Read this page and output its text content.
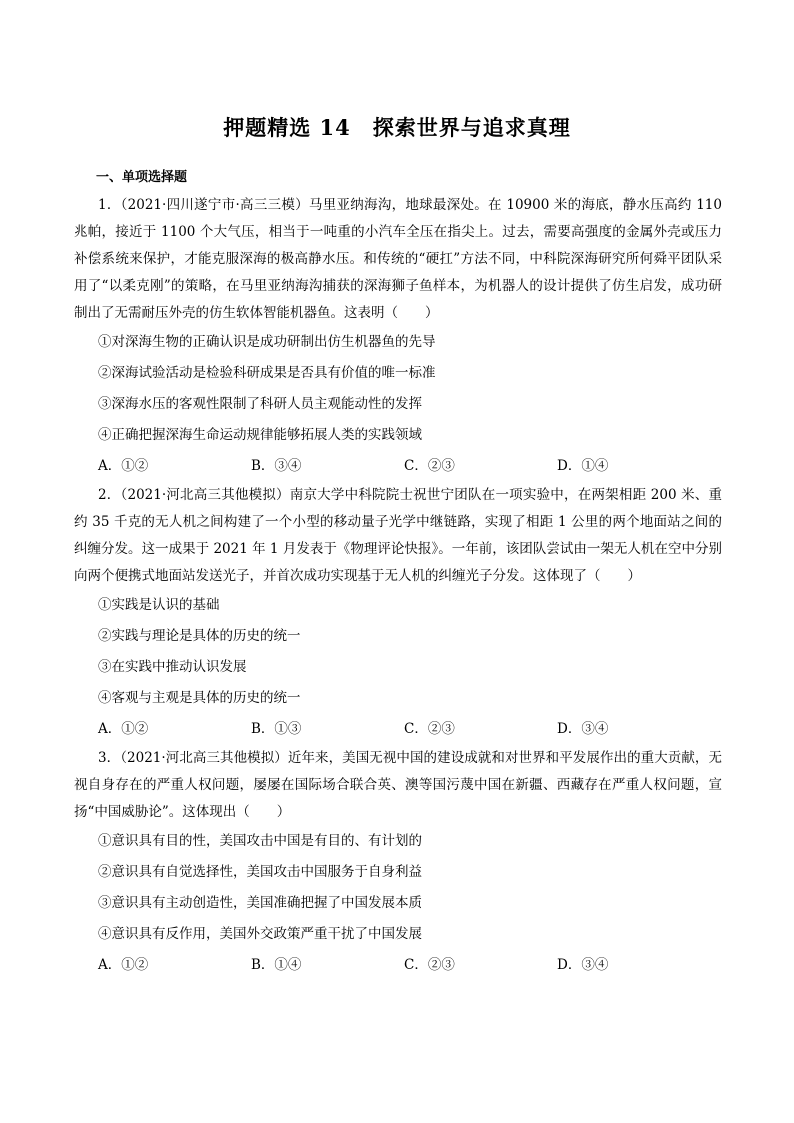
押题精选 14　探索世界与追求真理
一、单项选择题

1．（2021·四川遂宁市·高三三模）马里亚纳海沟，地球最深处。在 10900 米的海底，静水压高约 110 兆帕，接近于 1100 个大气压，相当于一吨重的小汽车全压在指尖上。过去，需要高强度的金属外壳或压力补偿系统来保护，才能克服深海的极高静水压。和传统的“硬扛”方法不同，中科院深海研究所何舜平团队采用了“以柔克刚”的策略，在马里亚纳海沟捕获的深海狮子鱼样本，为机器人的设计提供了仿生启发，成功研制出了无需耐压外壳的仿生软体智能机器鱼。这表明（　　）

①对深海生物的正确认识是成功研制出仿生机器鱼的先导

②深海试验活动是检验科研成果是否具有价值的唯一标准

③深海水压的客观性限制了科研人员主观能动性的发挥

④正确把握深海生命运动规律能够拓展人类的实践领域

A．①②	B．③④	C．②③	D．①④

2．（2021·河北高三其他模拟）南京大学中科院院士祝世宁团队在一项实验中，在两架相距 200 米、重约 35 千克的无人机之间构建了一个小型的移动量子光学中继链路，实现了相距 1 公里的两个地面站之间的纠缠分发。这一成果于 2021 年 1 月发表于《物理评论快报》。一年前，该团队尝试由一架无人机在空中分别向两个便携式地面站发送光子，并首次成功实现基于无人机的纠缠光子分发。这体现了（　　）

①实践是认识的基础

②实践与理论是具体的历史的统一

③在实践中推动认识发展

④客观与主观是具体的历史的统一

A．①②	B．①③	C．②③	D．③④

3．（2021·河北高三其他模拟）近年来，美国无视中国的建设成就和对世界和平发展作出的重大贡献，无视自身存在的严重人权问题，屡屡在国际场合联合英、澳等国污蔑中国在新疆、西藏存在严重人权问题，宣扬“中国威胁论”。这体现出（　　）

①意识具有目的性，美国攻击中国是有目的、有计划的

②意识具有自觉选择性，美国攻击中国服务于自身利益

③意识具有主动创造性，美国准确把握了中国发展本质

④意识具有反作用，美国外交政策严重干扰了中国发展

A．①②	B．①④	C．②③	D．③④
